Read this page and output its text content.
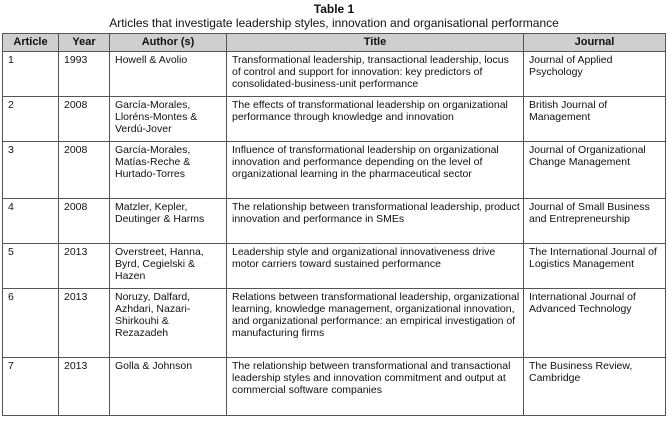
Table 1
Articles that investigate leadership styles, innovation and organisational performance
Article	Year	Author (s)	Title	Journal
1	1993	Howell & Avolio	Transformational leadership, transactional leadership, locus of control and support for innovation: key predictors of consolidated-business-unit performance	Journal of Applied Psychology
2	2008	García-Morales, Lloréns-Montes & Verdú-Jover	The effects of transformational leadership on organizational performance through knowledge and innovation	British Journal of Management
3	2008	García-Morales, Matías-Reche & Hurtado-Torres	Influence of transformational leadership on organizational innovation and performance depending on the level of organizational learning in the pharmaceutical sector	Journal of Organizational Change Management
4	2008	Matzler, Kepler, Deutinger & Harms	The relationship between transformational leadership, product innovation and performance in SMEs	Journal of Small Business and Entrepreneurship
5	2013	Overstreet, Hanna, Byrd, Cegielski & Hazen	Leadership style and organizational innovativeness drive motor carriers toward sustained performance	The International Journal of Logistics Management
6	2013	Noruzy, Dalfard, Azhdari, Nazari-Shirkouhi & Rezazadeh	Relations between transformational leadership, organizational learning, knowledge management, organizational innovation, and organizational performance: an empirical investigation of manufacturing firms	International Journal of Advanced Technology
7	2013	Golla & Johnson	The relationship between transformational and transactional leadership styles and innovation commitment and output at commercial software companies	The Business Review, Cambridge
